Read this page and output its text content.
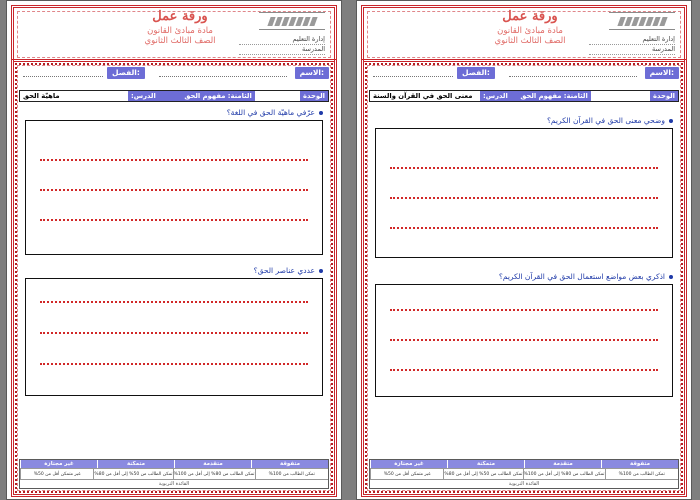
ورقة عمل
مادة مبادئ القانون
الصف الثالث الثانوي	إدارة التعليم
المدرسة
الاسم:
الفصل:
الوحدة
الثامنة: مفهوم الحق
الدرس:
ماهيّة الحق
عرّفي ماهيّة الحق في اللغة؟
عددي عناصر الحق؟
متفوقة
متقدمة
متمكنة
غير مجتازة
تمكن الطالب من 100%
تمكن الطالب من 80% إلى أقل من 100%
تمكن الطالب من 50% إلى أقل من 80%
غير متمكن أقل من 50%
القائدة التربوية
ورقة عمل
مادة مبادئ القانون
الصف الثالث الثانوي	إدارة التعليم
المدرسة
الاسم:
الفصل:
الوحدة
الثامنة: مفهوم الحق
الدرس:
معنى الحق في القرآن والسنة
وضحي معنى الحق في القرآن الكريم؟
اذكري بعض مواضع استعمال الحق في القرآن الكريم؟
متفوقة
متقدمة
متمكنة
غير مجتازة
تمكن الطالب من 100%
تمكن الطالب من 80% إلى أقل من 100%
تمكن الطالب من 50% إلى أقل من 80%
غير متمكن أقل من 50%
القائدة التربوية
